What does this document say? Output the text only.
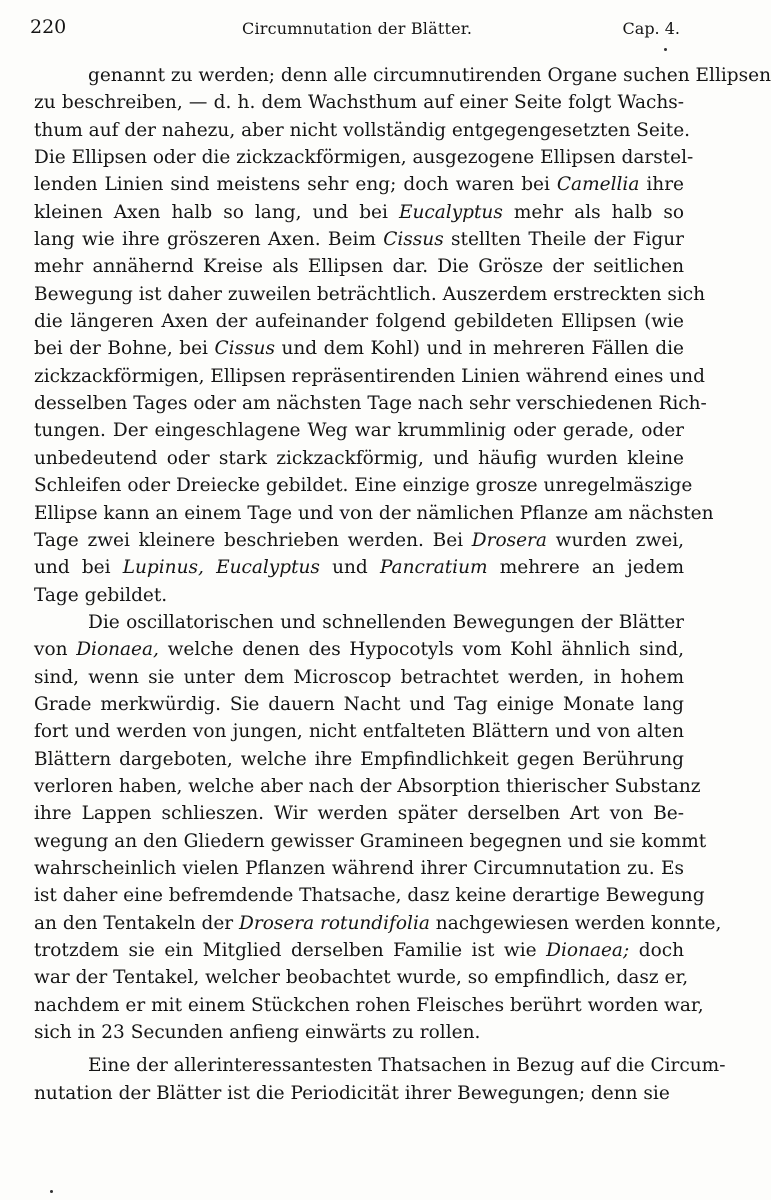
220	Circumnutation der Blätter.	Cap. 4.
genannt zu werden; denn alle circumnutirenden Organe suchen Ellipsen
zu beschreiben, — d. h. dem Wachsthum auf einer Seite folgt Wachs-
thum auf der nahezu, aber nicht vollständig entgegengesetzten Seite.
Die Ellipsen oder die zickzackförmigen, ausgezogene Ellipsen darstel-
lenden Linien sind meistens sehr eng; doch waren bei Camellia ihre
kleinen Axen halb so lang, und bei Eucalyptus mehr als halb so
lang wie ihre gröszeren Axen. Beim Cissus stellten Theile der Figur
mehr annähernd Kreise als Ellipsen dar. Die Grösze der seitlichen
Bewegung ist daher zuweilen beträchtlich. Auszerdem erstreckten sich
die längeren Axen der aufeinander folgend gebildeten Ellipsen (wie
bei der Bohne, bei Cissus und dem Kohl) und in mehreren Fällen die
zickzackförmigen, Ellipsen repräsentirenden Linien während eines und
desselben Tages oder am nächsten Tage nach sehr verschiedenen Rich-
tungen. Der eingeschlagene Weg war krummlinig oder gerade, oder
unbedeutend oder stark zickzackförmig, und häufig wurden kleine
Schleifen oder Dreiecke gebildet. Eine einzige grosze unregelmäszige
Ellipse kann an einem Tage und von der nämlichen Pflanze am nächsten
Tage zwei kleinere beschrieben werden. Bei Drosera wurden zwei,
und bei Lupinus, Eucalyptus und Pancratium mehrere an jedem
Tage gebildet.
Die oscillatorischen und schnellenden Bewegungen der Blätter
von Dionaea, welche denen des Hypocotyls vom Kohl ähnlich sind,
sind, wenn sie unter dem Microscop betrachtet werden, in hohem
Grade merkwürdig. Sie dauern Nacht und Tag einige Monate lang
fort und werden von jungen, nicht entfalteten Blättern und von alten
Blättern dargeboten, welche ihre Empfindlichkeit gegen Berührung
verloren haben, welche aber nach der Absorption thierischer Substanz
ihre Lappen schlieszen. Wir werden später derselben Art von Be-
wegung an den Gliedern gewisser Gramineen begegnen und sie kommt
wahrscheinlich vielen Pflanzen während ihrer Circumnutation zu. Es
ist daher eine befremdende Thatsache, dasz keine derartige Bewegung
an den Tentakeln der Drosera rotundifolia nachgewiesen werden konnte,
trotzdem sie ein Mitglied derselben Familie ist wie Dionaea; doch
war der Tentakel, welcher beobachtet wurde, so empfindlich, dasz er,
nachdem er mit einem Stückchen rohen Fleisches berührt worden war,
sich in 23 Secunden anfieng einwärts zu rollen.
Eine der allerinteressantesten Thatsachen in Bezug auf die Circum-
nutation der Blätter ist die Periodicität ihrer Bewegungen; denn sie
